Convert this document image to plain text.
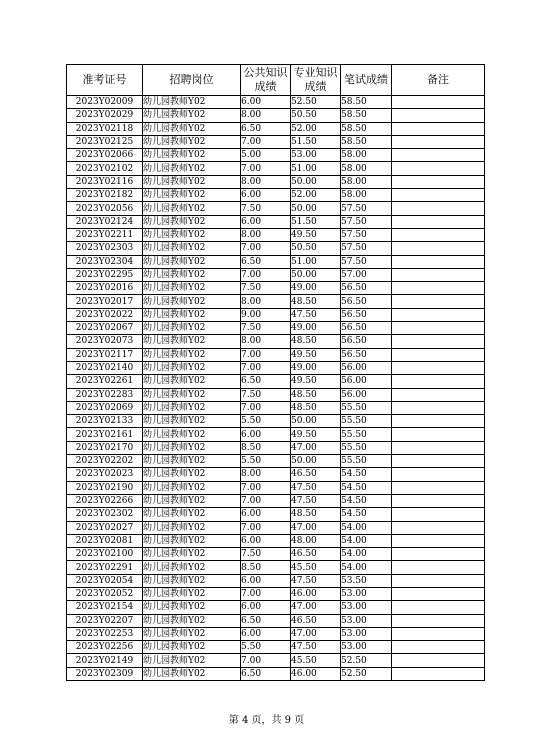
准考证号	招聘岗位	公共知识成绩	专业知识成绩	笔试成绩	备注
2023Y02009	幼儿园教师Y02	6.00	52.50	58.50	
2023Y02029	幼儿园教师Y02	8.00	50.50	58.50	
2023Y02118	幼儿园教师Y02	6.50	52.00	58.50	
2023Y02125	幼儿园教师Y02	7.00	51.50	58.50	
2023Y02066	幼儿园教师Y02	5.00	53.00	58.00	
2023Y02102	幼儿园教师Y02	7.00	51.00	58.00	
2023Y02116	幼儿园教师Y02	8.00	50.00	58.00	
2023Y02182	幼儿园教师Y02	6.00	52.00	58.00	
2023Y02056	幼儿园教师Y02	7.50	50.00	57.50	
2023Y02124	幼儿园教师Y02	6.00	51.50	57.50	
2023Y02211	幼儿园教师Y02	8.00	49.50	57.50	
2023Y02303	幼儿园教师Y02	7.00	50.50	57.50	
2023Y02304	幼儿园教师Y02	6.50	51.00	57.50	
2023Y02295	幼儿园教师Y02	7.00	50.00	57.00	
2023Y02016	幼儿园教师Y02	7.50	49.00	56.50	
2023Y02017	幼儿园教师Y02	8.00	48.50	56.50	
2023Y02022	幼儿园教师Y02	9.00	47.50	56.50	
2023Y02067	幼儿园教师Y02	7.50	49.00	56.50	
2023Y02073	幼儿园教师Y02	8.00	48.50	56.50	
2023Y02117	幼儿园教师Y02	7.00	49.50	56.50	
2023Y02140	幼儿园教师Y02	7.00	49.00	56.00	
2023Y02261	幼儿园教师Y02	6.50	49.50	56.00	
2023Y02283	幼儿园教师Y02	7.50	48.50	56.00	
2023Y02069	幼儿园教师Y02	7.00	48.50	55.50	
2023Y02133	幼儿园教师Y02	5.50	50.00	55.50	
2023Y02161	幼儿园教师Y02	6.00	49.50	55.50	
2023Y02170	幼儿园教师Y02	8.50	47.00	55.50	
2023Y02202	幼儿园教师Y02	5.50	50.00	55.50	
2023Y02023	幼儿园教师Y02	8.00	46.50	54.50	
2023Y02190	幼儿园教师Y02	7.00	47.50	54.50	
2023Y02266	幼儿园教师Y02	7.00	47.50	54.50	
2023Y02302	幼儿园教师Y02	6.00	48.50	54.50	
2023Y02027	幼儿园教师Y02	7.00	47.00	54.00	
2023Y02081	幼儿园教师Y02	6.00	48.00	54.00	
2023Y02100	幼儿园教师Y02	7.50	46.50	54.00	
2023Y02291	幼儿园教师Y02	8.50	45.50	54.00	
2023Y02054	幼儿园教师Y02	6.00	47.50	53.50	
2023Y02052	幼儿园教师Y02	7.00	46.00	53.00	
2023Y02154	幼儿园教师Y02	6.00	47.00	53.00	
2023Y02207	幼儿园教师Y02	6.50	46.50	53.00	
2023Y02253	幼儿园教师Y02	6.00	47.00	53.00	
2023Y02256	幼儿园教师Y02	5.50	47.50	53.00	
2023Y02149	幼儿园教师Y02	7.00	45.50	52.50	
2023Y02309	幼儿园教师Y02	6.50	46.00	52.50	
第 4 页，共 9 页
